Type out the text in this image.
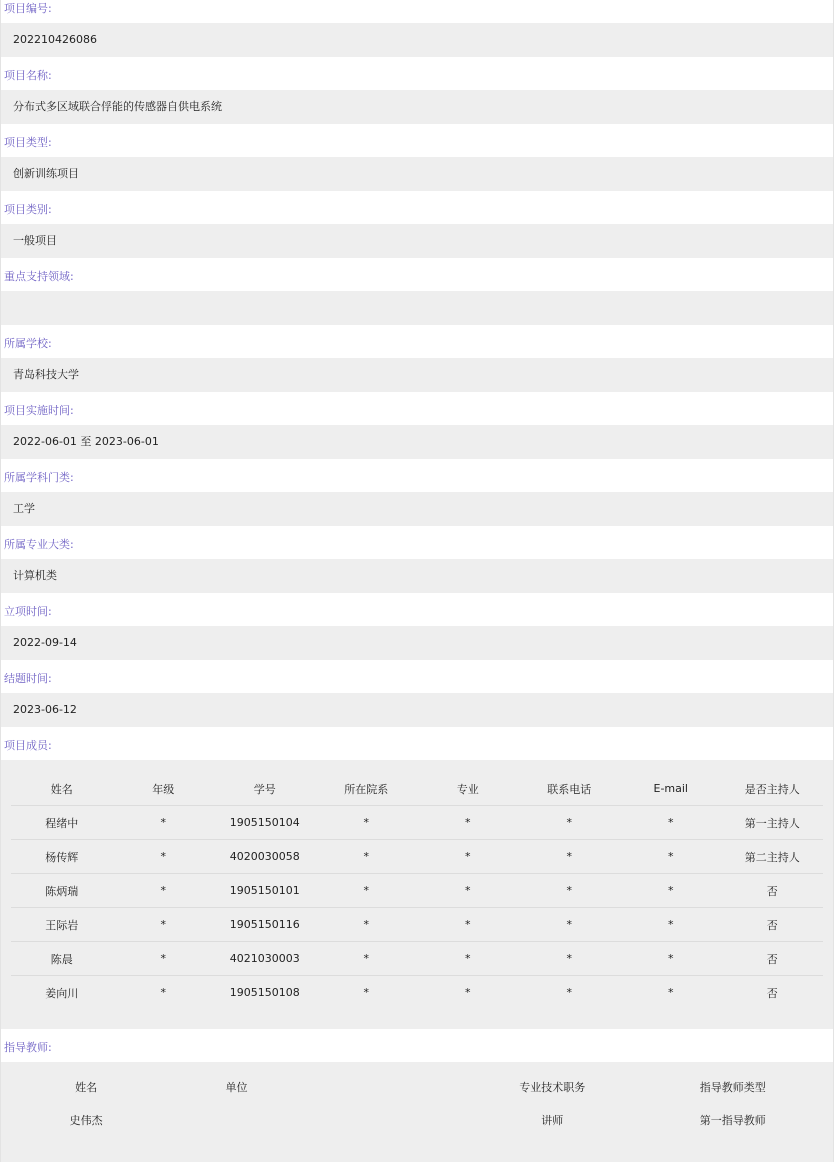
项目编号:
202210426086
项目名称:
分布式多区域联合俘能的传感器自供电系统
项目类型:
创新训练项目
项目类别:
一般项目
重点支持领域:
所属学校:
青岛科技大学
项目实施时间:
2022-06-01 至 2023-06-01
所属学科门类:
工学
所属专业大类:
计算机类
立项时间:
2022-09-14
结题时间:
2023-06-12
项目成员:
姓名	年级	学号	所在院系	专业	联系电话	E-mail	是否主持人
程绪中	*	1905150104	*	*	*	*	第一主持人
杨传辉	*	4020030058	*	*	*	*	第二主持人
陈炳瑞	*	1905150101	*	*	*	*	否
王际岩	*	1905150116	*	*	*	*	否
陈晨	*	4021030003	*	*	*	*	否
姜向川	*	1905150108	*	*	*	*	否
指导教师:
姓名	单位		专业技术职务	指导教师类型
史伟杰			讲师	第一指导教师
